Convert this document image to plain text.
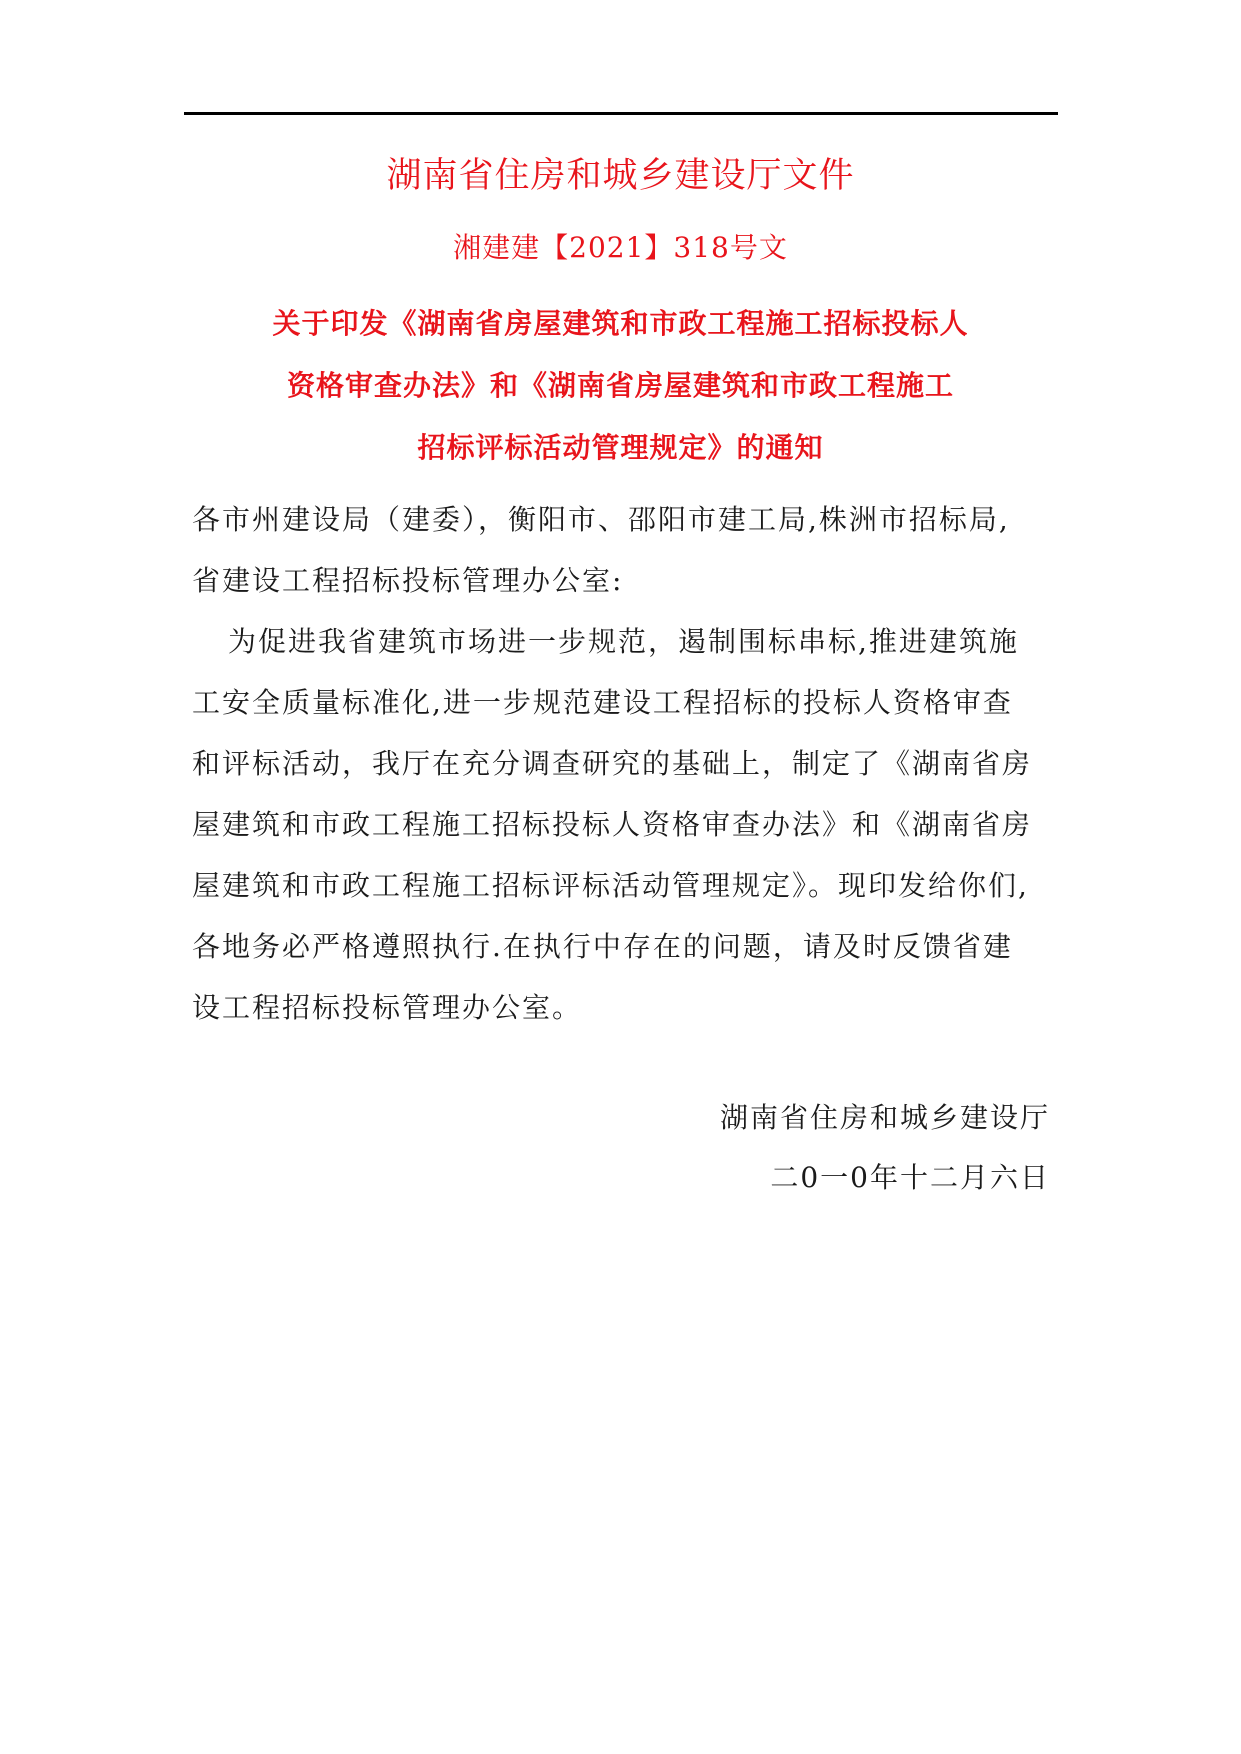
湖南省住房和城乡建设厅文件
湘建建【2021】318号文
关于印发《湖南省房屋建筑和市政工程施工招标投标人
资格审查办法》和《湖南省房屋建筑和市政工程施工
招标评标活动管理规定》的通知
各市州建设局（建委），衡阳市、邵阳市建工局,株洲市招标局,
省建设工程招标投标管理办公室:
为促进我省建筑市场进一步规范，遏制围标串标,推进建筑施
工安全质量标准化,进一步规范建设工程招标的投标人资格审查
和评标活动，我厅在充分调查研究的基础上，制定了《湖南省房
屋建筑和市政工程施工招标投标人资格审查办法》和《湖南省房
屋建筑和市政工程施工招标评标活动管理规定》。现印发给你们,
各地务必严格遵照执行.在执行中存在的问题，请及时反馈省建
设工程招标投标管理办公室。
湖南省住房和城乡建设厅
二0一0年十二月六日
